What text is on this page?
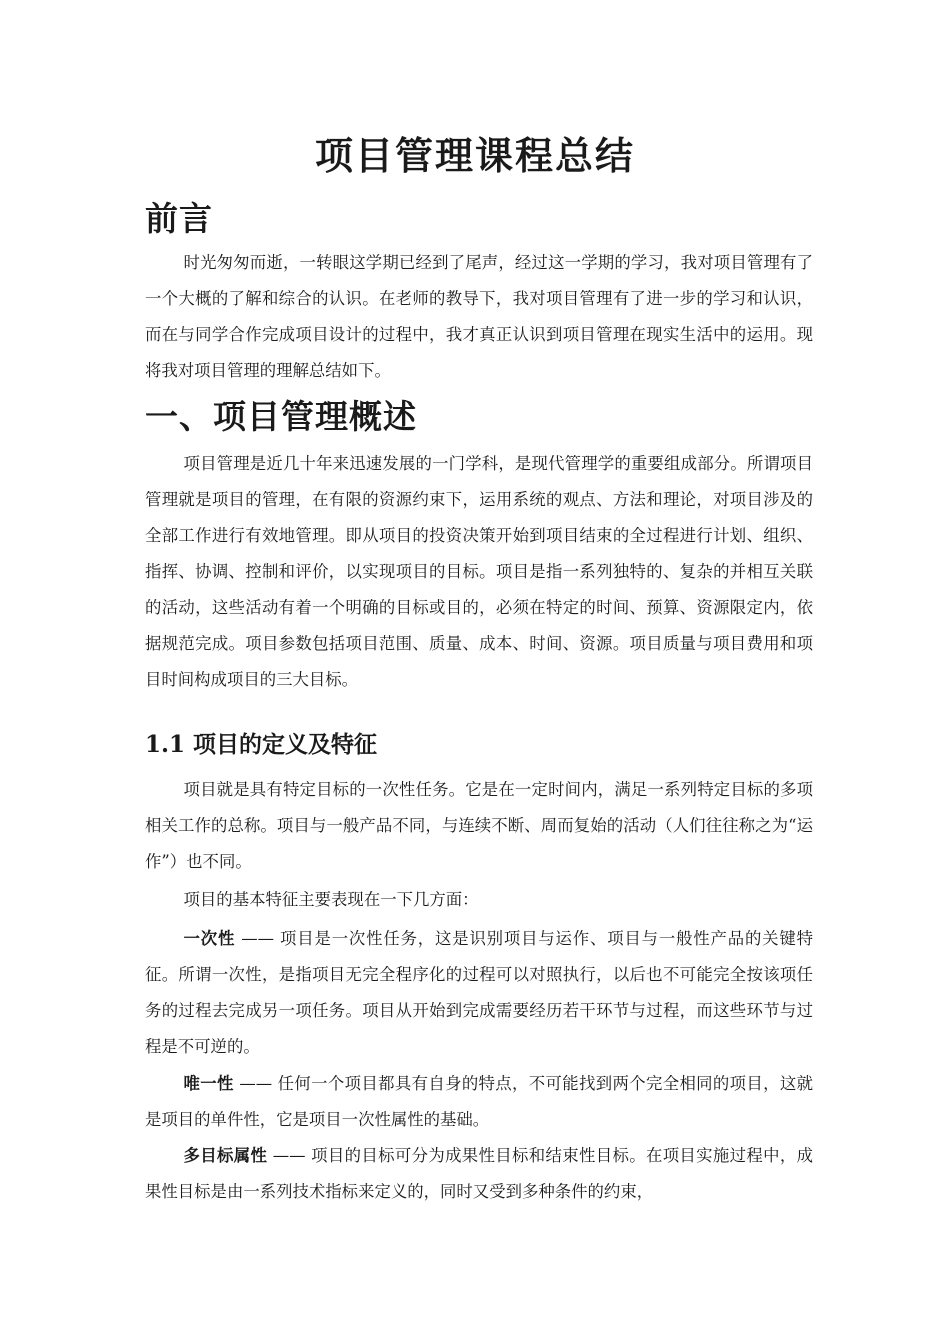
项目管理课程总结
前言

时光匆匆而逝，一转眼这学期已经到了尾声，经过这一学期的学习，我对项目管理有了一个大概的了解和综合的认识。在老师的教导下，我对项目管理有了进一步的学习和认识，而在与同学合作完成项目设计的过程中，我才真正认识到项目管理在现实生活中的运用。现将我对项目管理的理解总结如下。

一、项目管理概述

项目管理是近几十年来迅速发展的一门学科，是现代管理学的重要组成部分。所谓项目管理就是项目的管理，在有限的资源约束下，运用系统的观点、方法和理论，对项目涉及的全部工作进行有效地管理。即从项目的投资决策开始到项目结束的全过程进行计划、组织、指挥、协调、控制和评价，以实现项目的目标。项目是指一系列独特的、复杂的并相互关联的活动，这些活动有着一个明确的目标或目的，必须在特定的时间、预算、资源限定内，依据规范完成。项目参数包括项目范围、质量、成本、时间、资源。项目质量与项目费用和项目时间构成项目的三大目标。

1.1 项目的定义及特征

项目就是具有特定目标的一次性任务。它是在一定时间内，满足一系列特定目标的多项相关工作的总称。项目与一般产品不同，与连续不断、周而复始的活动（人们往往称之为“运作”）也不同。

项目的基本特征主要表现在一下几方面：

一次性 —— 项目是一次性任务，这是识别项目与运作、项目与一般性产品的关键特征。所谓一次性，是指项目无完全程序化的过程可以对照执行，以后也不可能完全按该项任务的过程去完成另一项任务。项目从开始到完成需要经历若干环节与过程，而这些环节与过程是不可逆的。

唯一性 —— 任何一个项目都具有自身的特点，不可能找到两个完全相同的项目，这就是项目的单件性，它是项目一次性属性的基础。

多目标属性 —— 项目的目标可分为成果性目标和结束性目标。在项目实施过程中，成果性目标是由一系列技术指标来定义的，同时又受到多种条件的约束，
